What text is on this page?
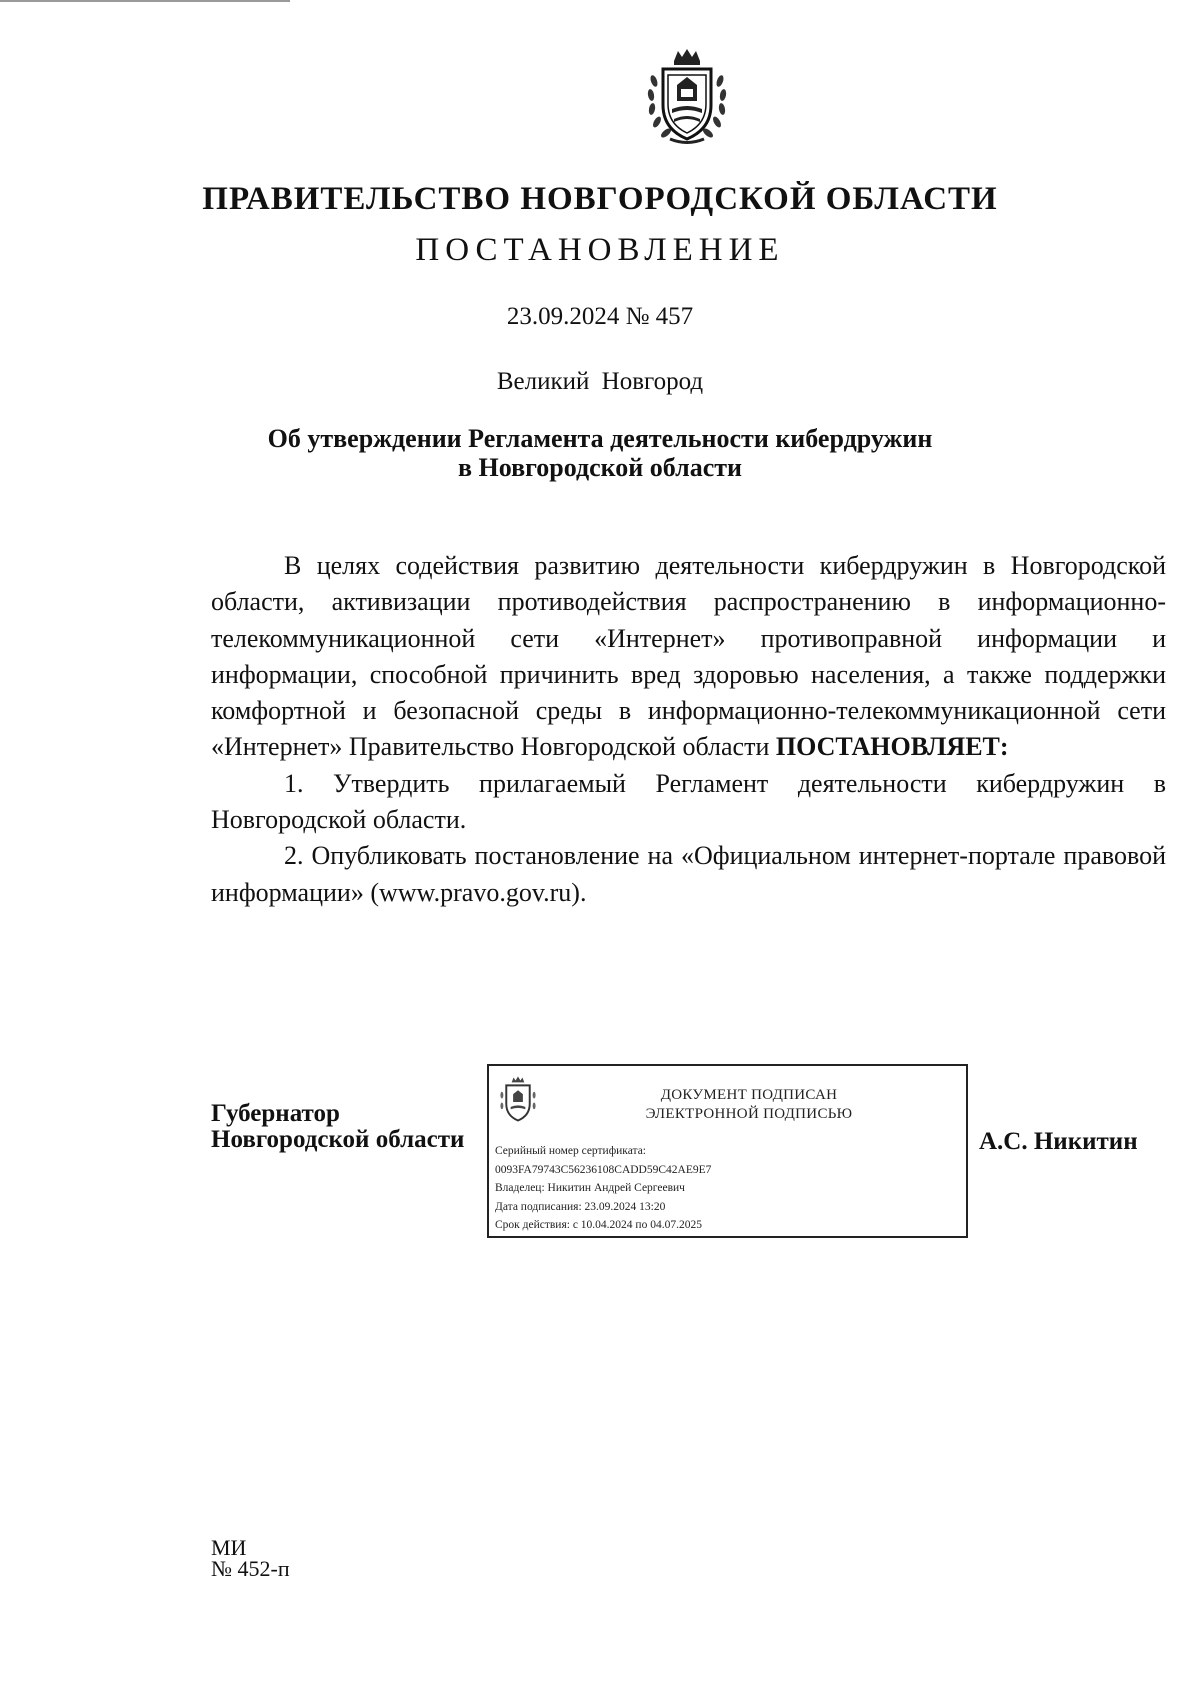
ПРАВИТЕЛЬСТВО НОВГОРОДСКОЙ ОБЛАСТИ
ПОСТАНОВЛЕНИЕ
23.09.2024 № 457
Великий Новгород
Об утверждении Регламента деятельности кибердружин
в Новгородской области

В целях содействия развитию деятельности кибердружин в Новгородской области, активизации противодействия распространению в информационно-телекоммуникационной сети «Интернет» противоправной информации и информации, способной причинить вред здоровью населения, а также поддержки комфортной и безопасной среды в информационно-телекоммуникационной сети «Интернет» Правительство Новгородской области ПОСТАНОВЛЯЕТ:

1. Утвердить прилагаемый Регламент деятельности кибердружин в Новгородской области.

2. Опубликовать постановление на «Официальном интернет-портале правовой информации» (www.pravo.gov.ru).

Губернатор
Новгородской области
ДОКУМЕНТ ПОДПИСАН
ЭЛЕКТРОННОЙ ПОДПИСЬЮ
Серийный номер сертификата:
0093FA79743C56236108CADD59C42AE9E7
Владелец: Никитин Андрей Сергеевич
Дата подписания: 23.09.2024 13:20
Срок действия: с 10.04.2024 по 04.07.2025
А.С. Никитин
МИ
№ 452-п
